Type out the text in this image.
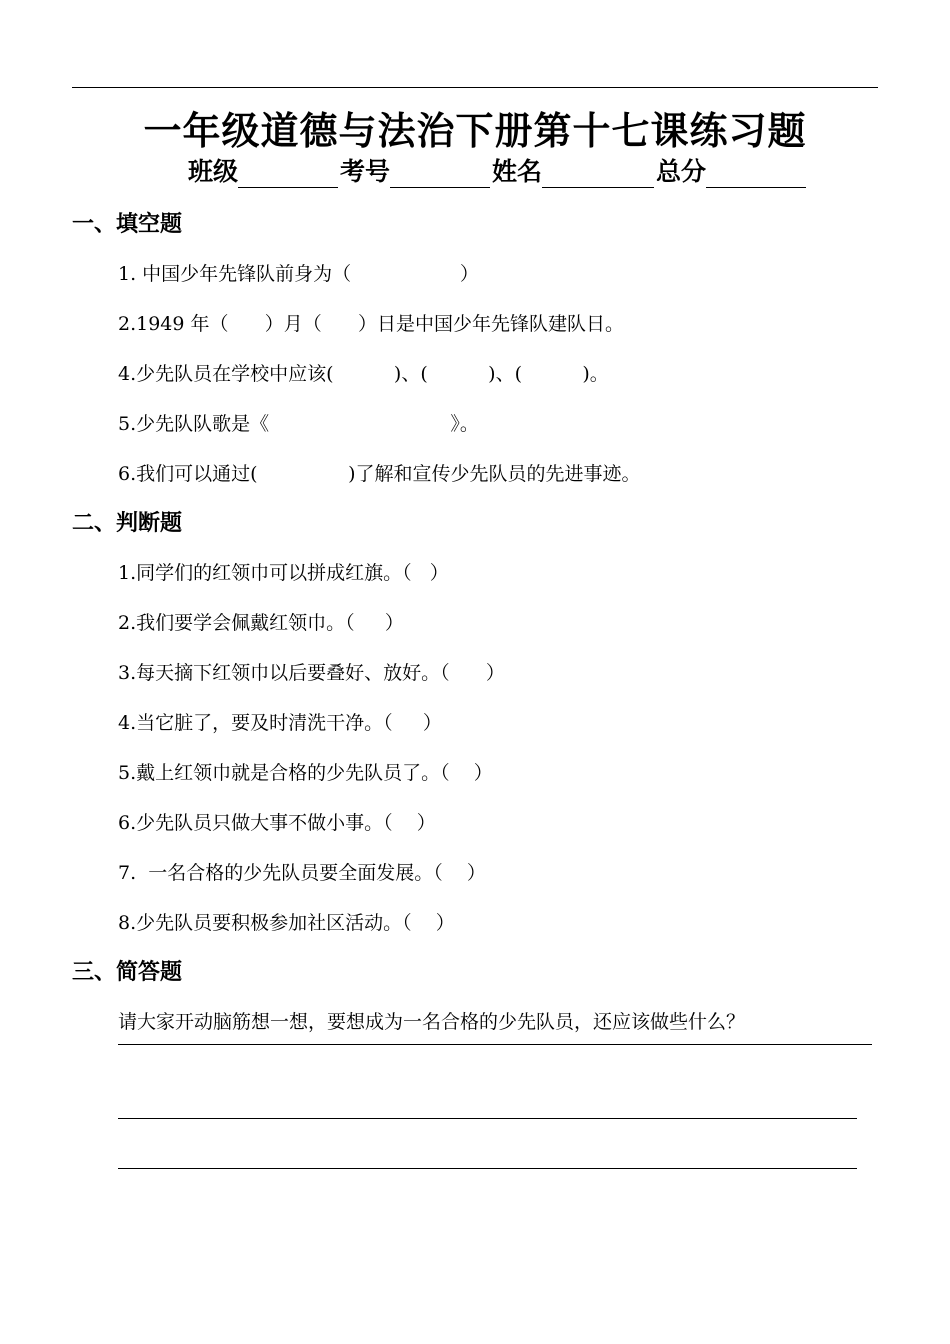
一年级道德与法治下册第十七课练习题
班级	考号	姓名	总分
一、填空题
1. 中国少年先锋队前身为（                  ）
2.1949 年（      ）月（      ）日是中国少年先锋队建队日。
4.少先队员在学校中应该(          )、(          )、(          )。
5.少先队队歌是《                              》。
6.我们可以通过(               )了解和宣传少先队员的先进事迹。
二、判断题
1.同学们的红领巾可以拼成红旗。（   ）
2.我们要学会佩戴红领巾。（     ）
3.每天摘下红领巾以后要叠好、放好。（      ）
4.当它脏了，要及时清洗干净。（     ）
5.戴上红领巾就是合格的少先队员了。（    ）
6.少先队员只做大事不做小事。（    ）
7.  一名合格的少先队员要全面发展。（    ）
8.少先队员要积极参加社区活动。（    ）
三、简答题
请大家开动脑筋想一想，要想成为一名合格的少先队员，还应该做些什么？
